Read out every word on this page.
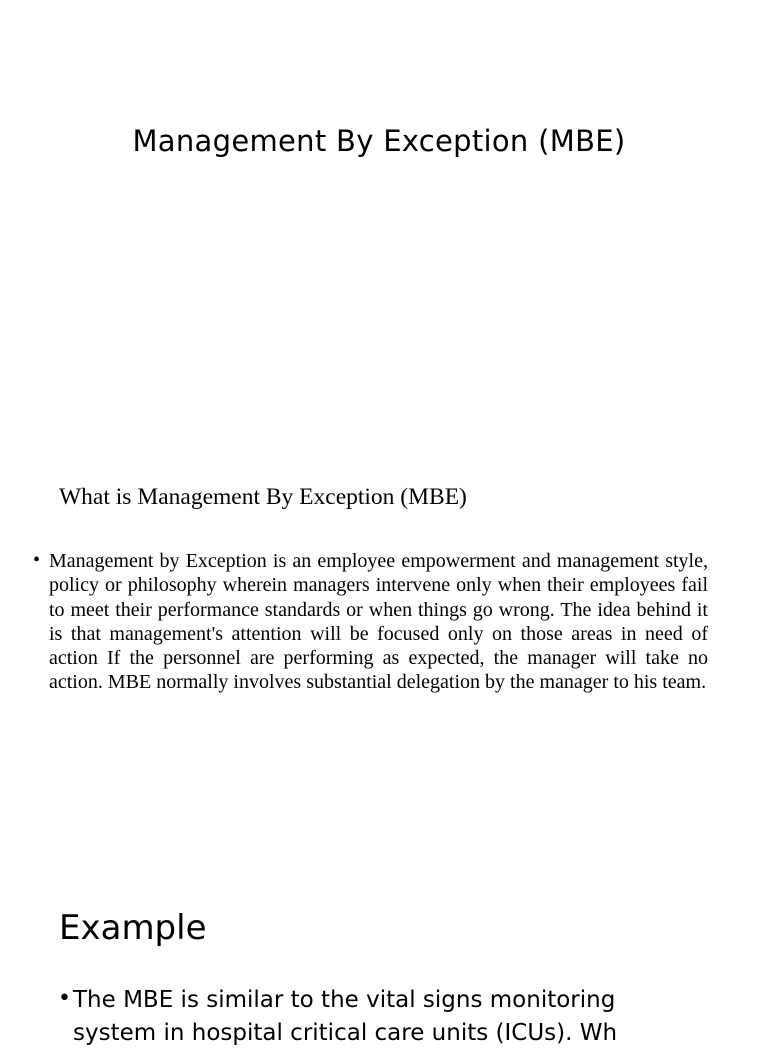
Management By Exception (MBE)
What is Management By Exception (MBE)
• Management by Exception is an employee empowerment and management style, policy or philosophy wherein managers intervene only when their employees fail to meet their performance standards or when things go wrong. The idea behind it is that management's attention will be focused only on those areas in need of action If the personnel are performing as expected, the manager will take no action. MBE normally involves substantial delegation by the manager to his team.
Example
• The MBE is similar to the vital signs monitoring system in hospital critical care units (ICUs). Wh
